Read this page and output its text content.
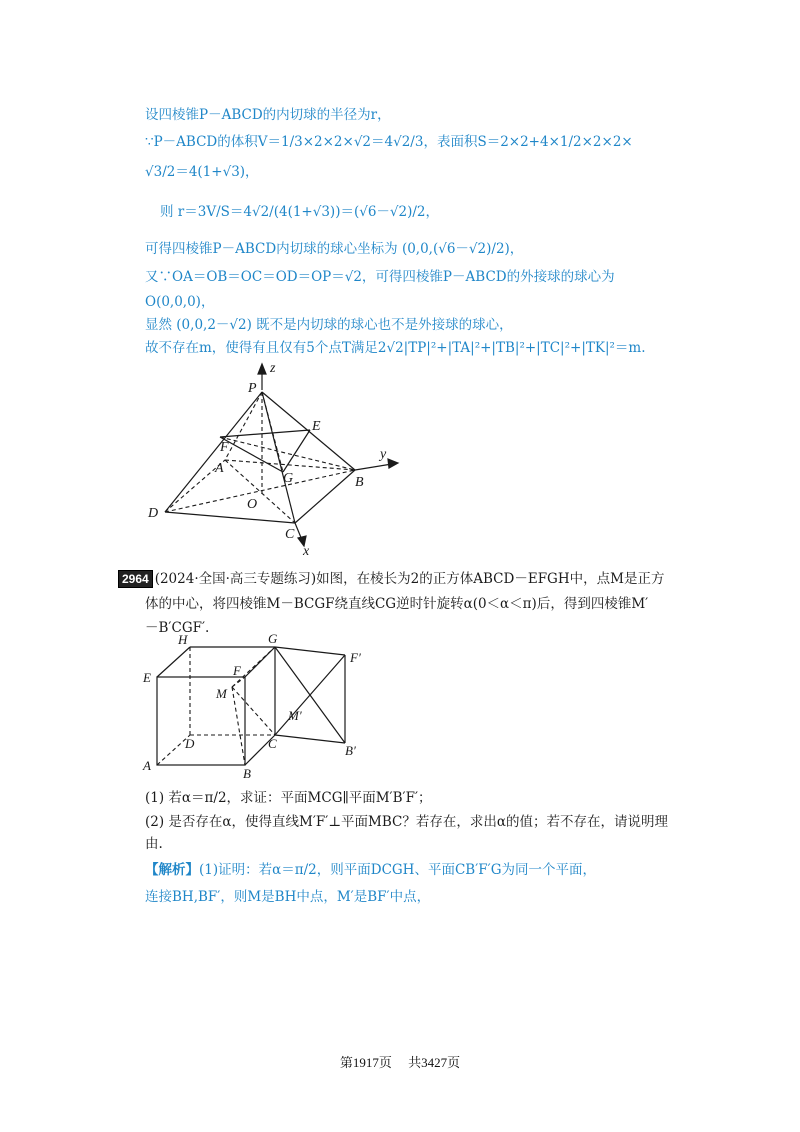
设四棱锥P－ABCD的内切球的半径为r，
∵P－ABCD的体积V＝1/3×2×2×√2＝4√2/3，表面积S＝2×2+4×1/2×2×2×
√3/2＝4(1+√3)，
则 r＝3V/S＝4√2/(4(1+√3))＝(√6－√2)/2，
可得四棱锥P－ABCD内切球的球心坐标为 (0,0,(√6－√2)/2)，
又∵OA＝OB＝OC＝OD＝OP＝√2，可得四棱锥P－ABCD的外接球的球心为
O(0,0,0)，
显然 (0,0,2－√2) 既不是内切球的球心也不是外接球的球心，
故不存在m，使得有且仅有5个点T满足2√2|TP|²+|TA|²+|TB|²+|TC|²+|TK|²＝m.
z
y
x
P
E
F
A
G	B
O
D
C
2964 (2024·全国·高三专题练习)如图，在棱长为2的正方体ABCD－EFGH中，点M是正方
体的中心，将四棱锥M－BCGF绕直线CG逆时针旋转α(0＜α＜π)后，得到四棱锥M′
－B′CGF′.
H	G
F′
E	F
M
M′
D	C	B′
A
B
(1) 若α＝π/2，求证：平面MCG∥平面M′B′F′；
(2) 是否存在α，使得直线M′F′⊥平面MBC？若存在，求出α的值；若不存在，请说明理
由.
【解析】(1)证明：若α＝π/2，则平面DCGH、平面CB′F′G为同一个平面，
连接BH,BF′，则M是BH中点，M′是BF′中点，
第1917页 共3427页
